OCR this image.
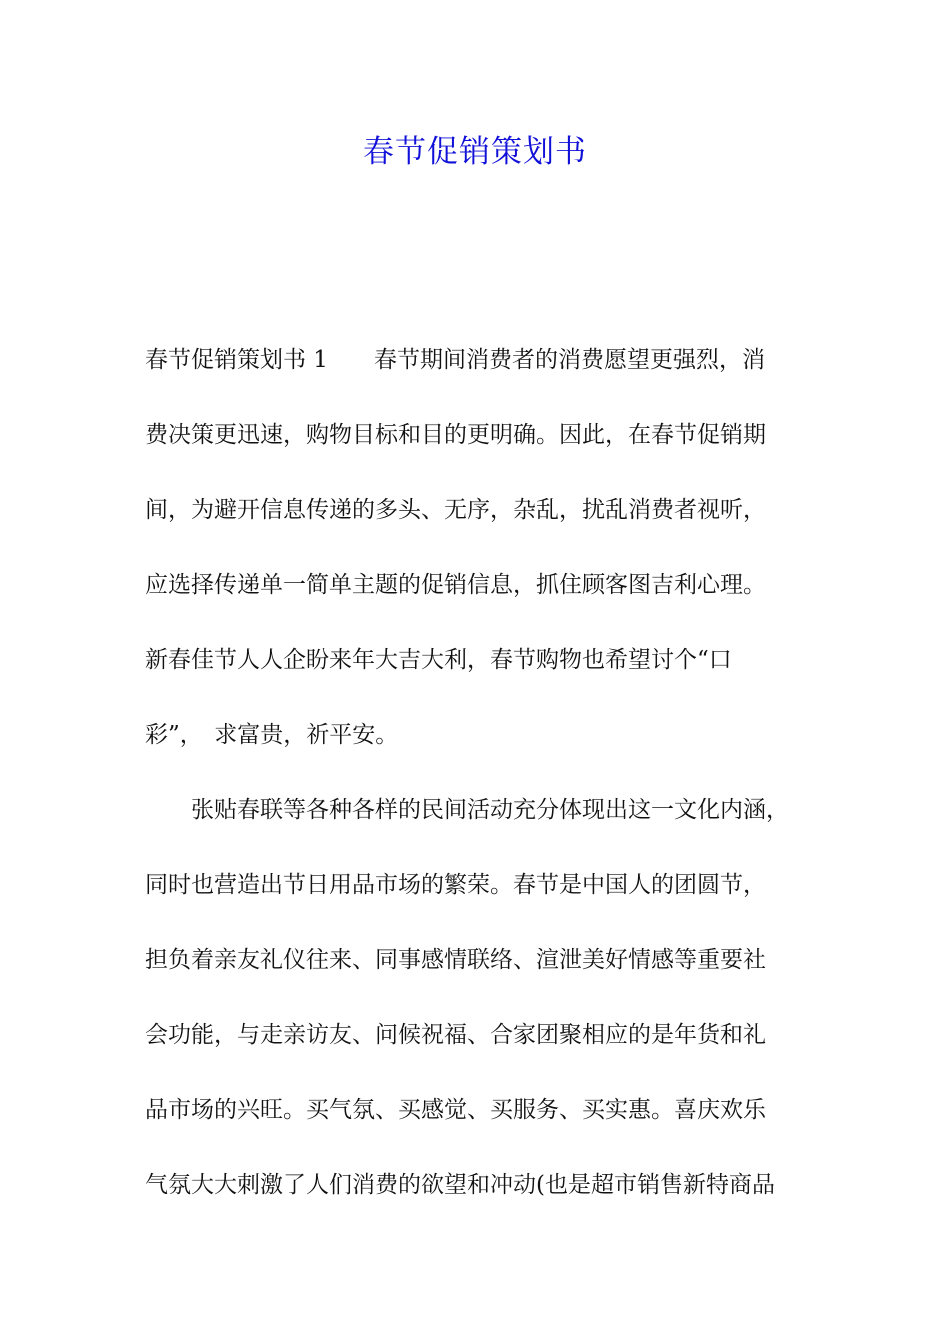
春节促销策划书

春节促销策划书 1　　春节期间消费者的消费愿望更强烈，消

费决策更迅速，购物目标和目的更明确。因此，在春节促销期

间，为避开信息传递的多头、无序，杂乱，扰乱消费者视听，

应选择传递单一简单主题的促销信息，抓住顾客图吉利心理。

新春佳节人人企盼来年大吉大利，春节购物也希望讨个“口

彩”，　求富贵，祈平安。

　　张贴春联等各种各样的民间活动充分体现出这一文化内涵，

同时也营造出节日用品市场的繁荣。春节是中国人的团圆节，

担负着亲友礼仪往来、同事感情联络、渲泄美好情感等重要社

会功能，与走亲访友、问候祝福、合家团聚相应的是年货和礼

品市场的兴旺。买气氛、买感觉、买服务、买实惠。喜庆欢乐

气氛大大刺激了人们消费的欲望和冲动(也是超市销售新特商品
